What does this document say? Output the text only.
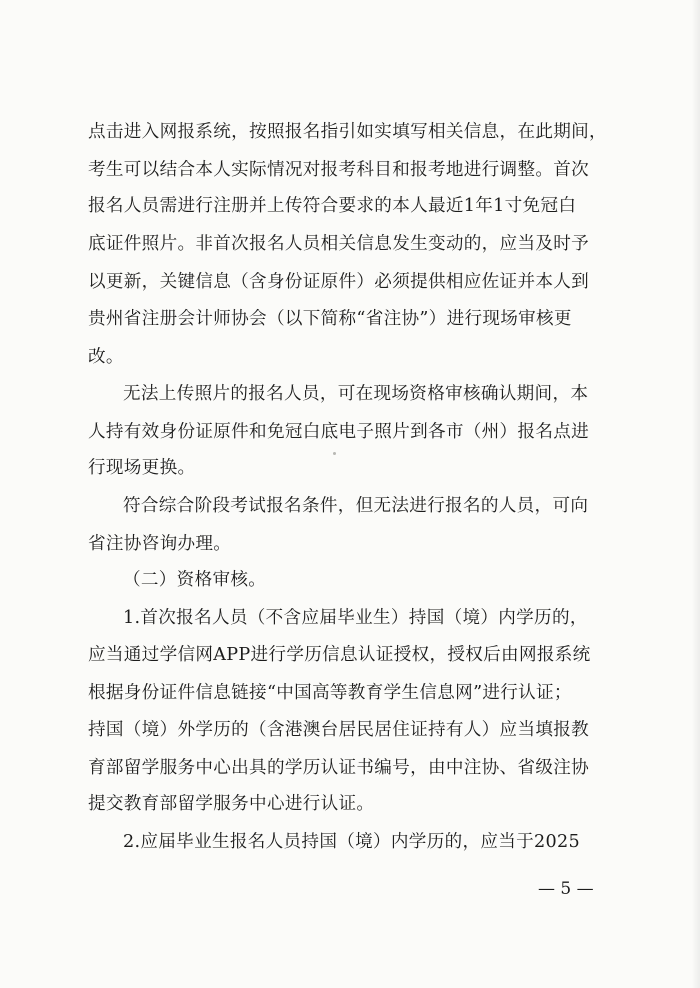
点击进入网报系统，按照报名指引如实填写相关信息，在此期间，
考生可以结合本人实际情况对报考科目和报考地进行调整。首次
报名人员需进行注册并上传符合要求的本人最近1年1寸免冠白
底证件照片。非首次报名人员相关信息发生变动的，应当及时予
以更新，关键信息（含身份证原件）必须提供相应佐证并本人到
贵州省注册会计师协会（以下简称“省注协”）进行现场审核更
改。
无法上传照片的报名人员，可在现场资格审核确认期间，本
人持有效身份证原件和免冠白底电子照片到各市（州）报名点进
行现场更换。
符合综合阶段考试报名条件，但无法进行报名的人员，可向
省注协咨询办理。
（二）资格审核。
1.首次报名人员（不含应届毕业生）持国（境）内学历的，
应当通过学信网APP进行学历信息认证授权，授权后由网报系统
根据身份证件信息链接“中国高等教育学生信息网”进行认证；
持国（境）外学历的（含港澳台居民居住证持有人）应当填报教
育部留学服务中心出具的学历认证书编号，由中注协、省级注协
提交教育部留学服务中心进行认证。
2.应届毕业生报名人员持国（境）内学历的，应当于2025
— 5 —
